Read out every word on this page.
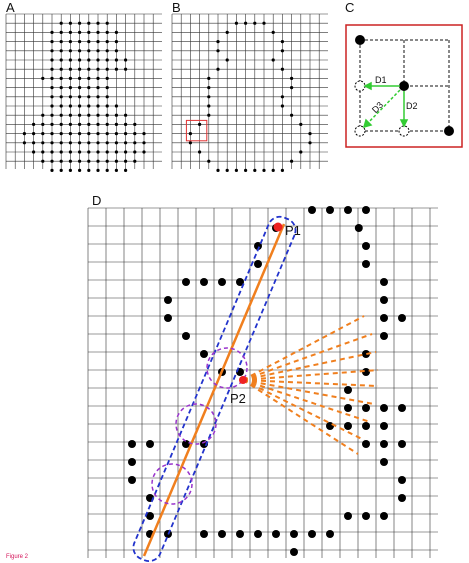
A	B	C
D
D1
D2
D3
P1
P2
Figure 2
